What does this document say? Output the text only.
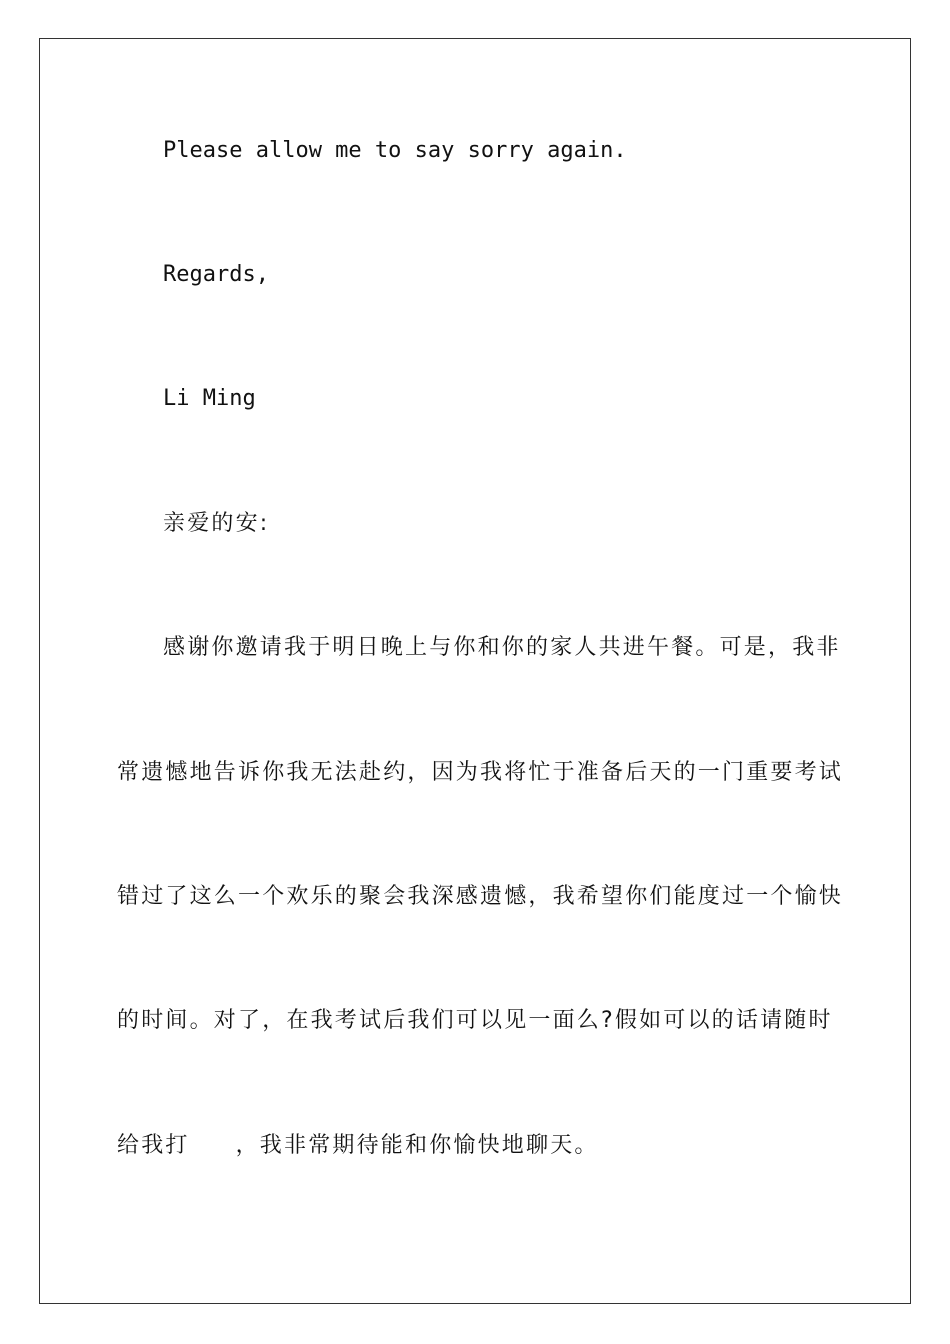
Please allow me to say sorry again.
Regards,
Li Ming
亲爱的安:
感谢你邀请我于明日晚上与你和你的家人共进午餐。可是，我非
常遗憾地告诉你我无法赴约，因为我将忙于准备后天的一门重要考试
错过了这么一个欢乐的聚会我深感遗憾，我希望你们能度过一个愉快
的时间。对了，在我考试后我们可以见一面么?假如可以的话请随时
给我打 ，我非常期待能和你愉快地聊天。
